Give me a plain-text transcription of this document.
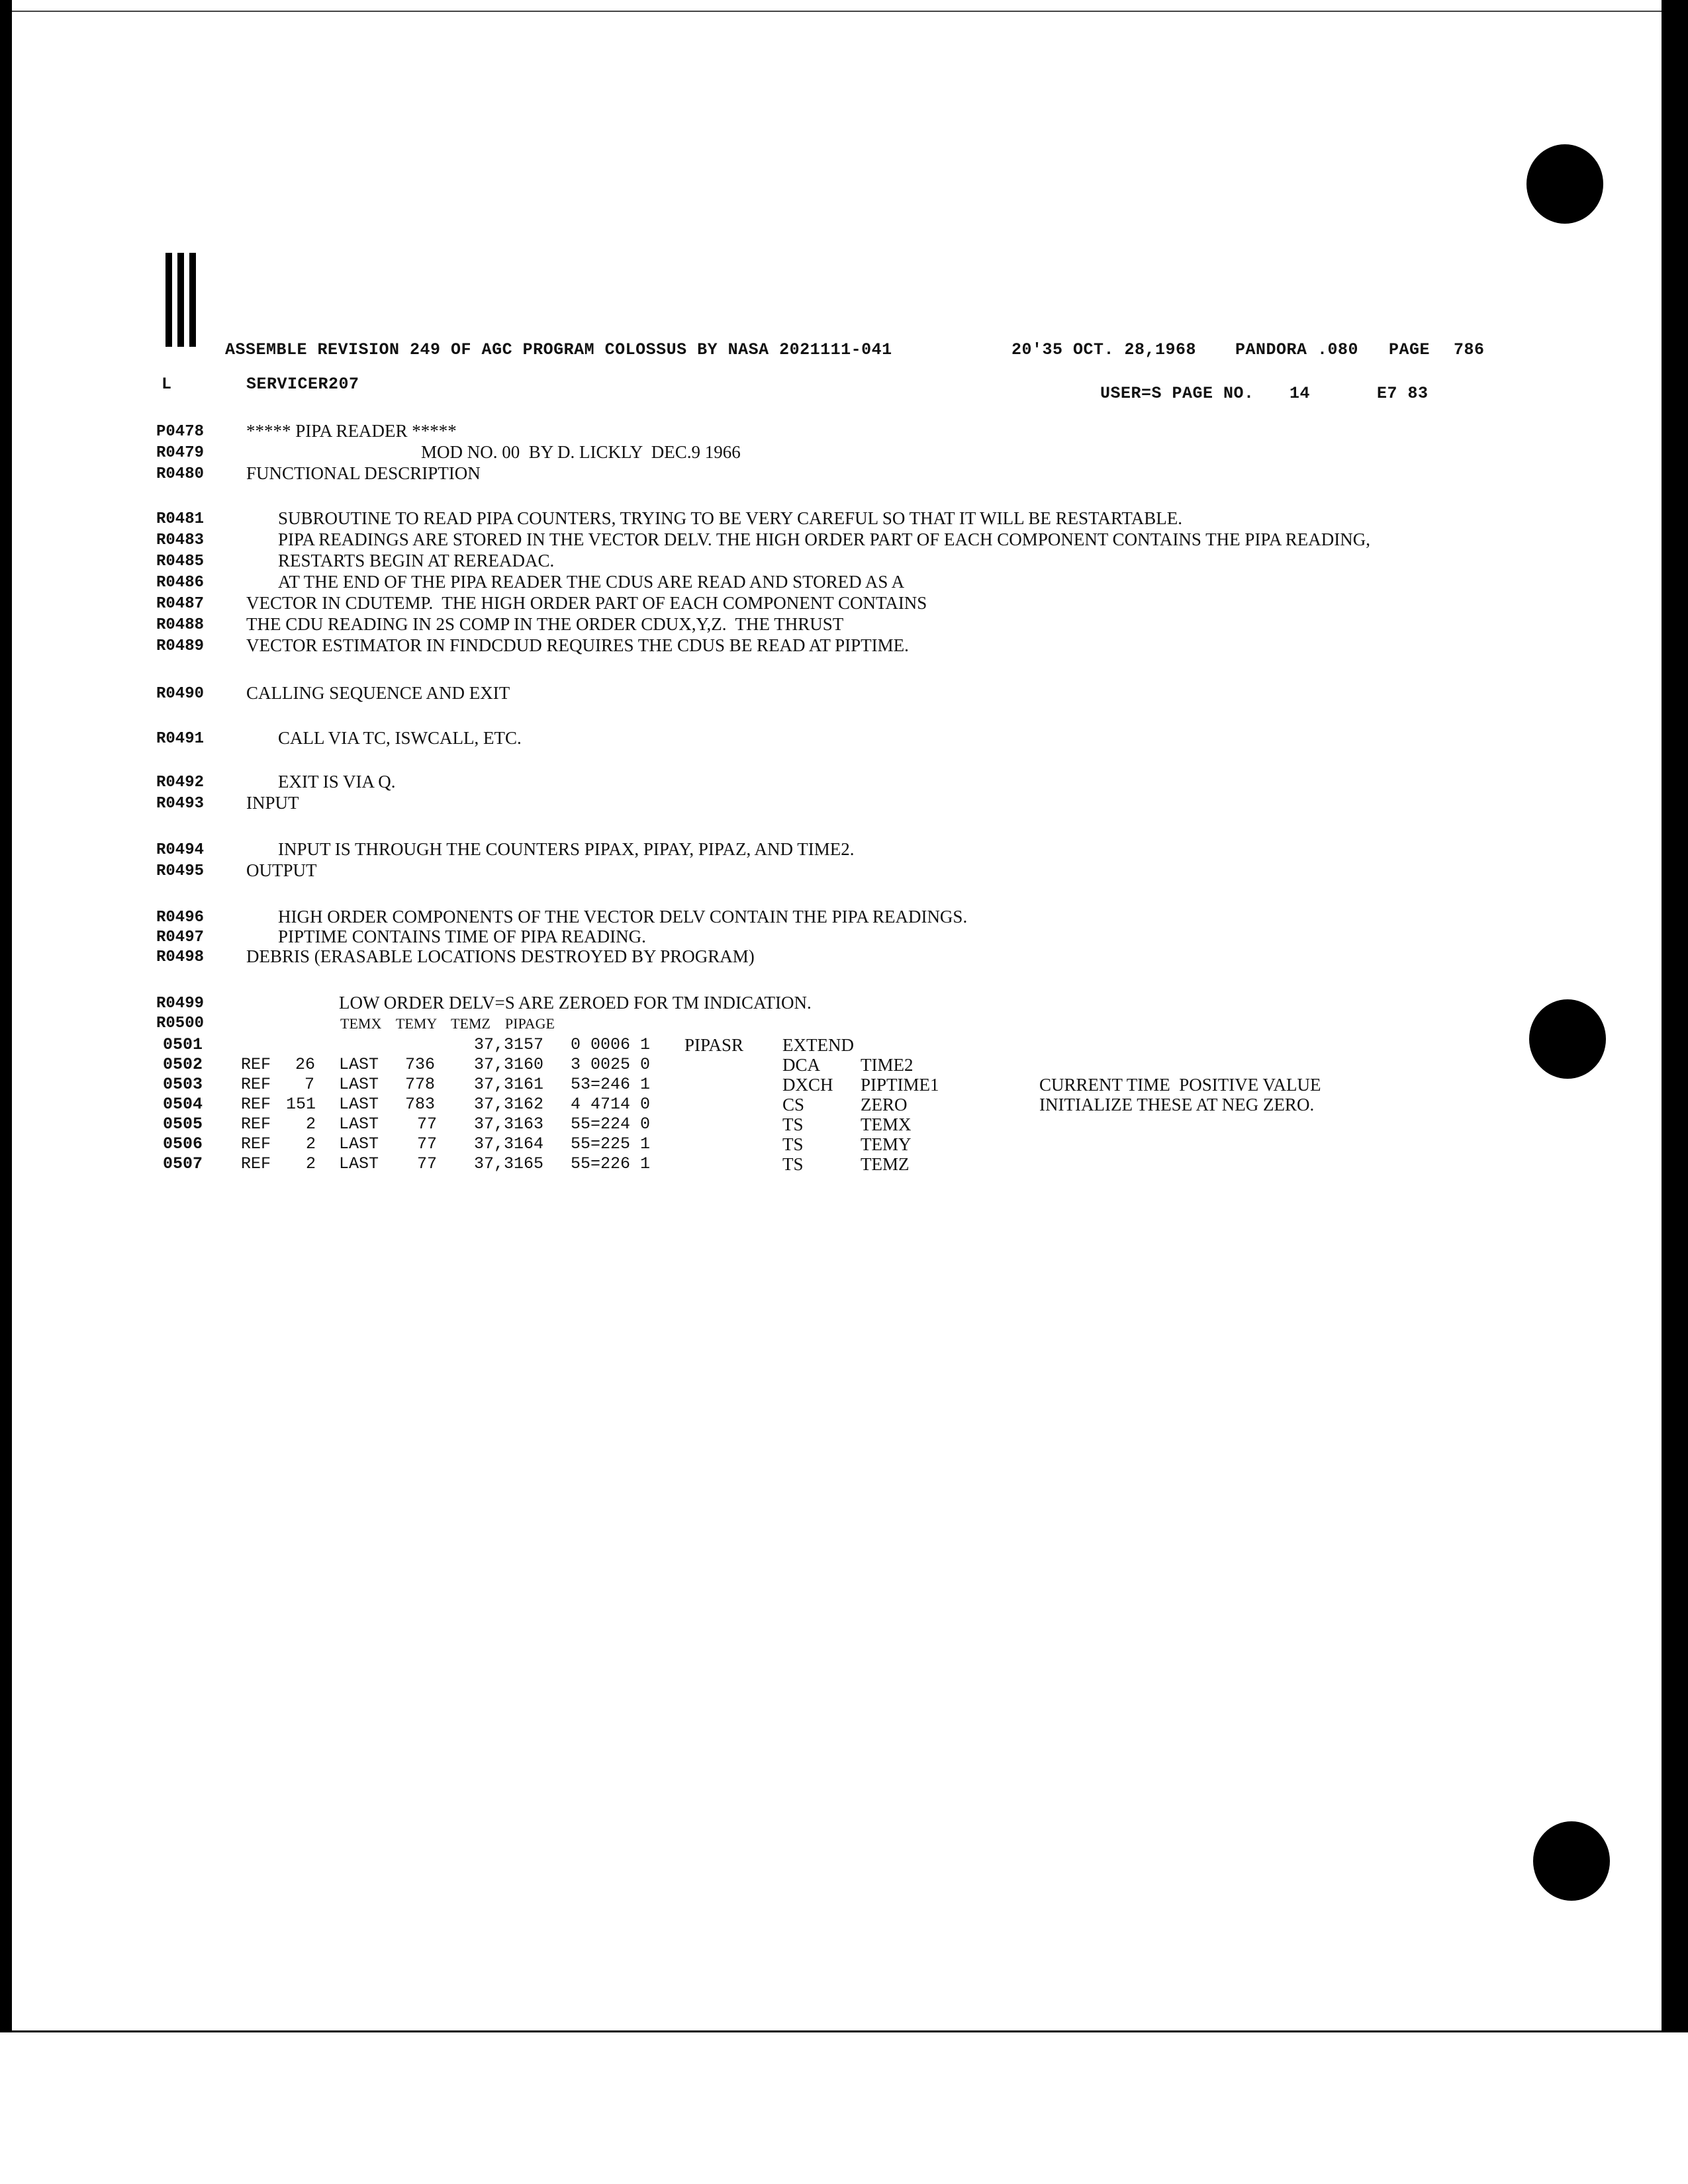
ASSEMBLE REVISION 249 OF AGC PROGRAM COLOSSUS BY NASA 2021111-041	20'35 OCT. 28,1968 PANDORA .080 PAGE 786
L	SERVICER207	USER=S PAGE NO. 14	E7 83
P0478 ***** PIPA READER *****
R0479	MOD NO. 00  BY D. LICKLY  DEC.9 1966
R0480 FUNCTIONAL DESCRIPTION
R0481	SUBROUTINE TO READ PIPA COUNTERS, TRYING TO BE VERY CAREFUL SO THAT IT WILL BE RESTARTABLE.
R0483	PIPA READINGS ARE STORED IN THE VECTOR DELV. THE HIGH ORDER PART OF EACH COMPONENT CONTAINS THE PIPA READING,
R0485	RESTARTS BEGIN AT REREADAC.
R0486	AT THE END OF THE PIPA READER THE CDUS ARE READ AND STORED AS A
R0487 VECTOR IN CDUTEMP.  THE HIGH ORDER PART OF EACH COMPONENT CONTAINS
R0488 THE CDU READING IN 2S COMP IN THE ORDER CDUX,Y,Z.  THE THRUST
R0489 VECTOR ESTIMATOR IN FINDCDUD REQUIRES THE CDUS BE READ AT PIPTIME.
R0490 CALLING SEQUENCE AND EXIT
R0491	CALL VIA TC, ISWCALL, ETC.
R0492	EXIT IS VIA Q.
R0493 INPUT
R0494	INPUT IS THROUGH THE COUNTERS PIPAX, PIPAY, PIPAZ, AND TIME2.
R0495 OUTPUT
R0496	HIGH ORDER COMPONENTS OF THE VECTOR DELV CONTAIN THE PIPA READINGS.
R0497	PIPTIME CONTAINS TIME OF PIPA READING.
R0498 DEBRIS (ERASABLE LOCATIONS DESTROYED BY PROGRAM)
R0499	LOW ORDER DELV=S ARE ZEROED FOR TM INDICATION.
R0500	TEMX    TEMY    TEMZ    PIPAGE
0501	37,3157 0 0006 1 PIPASR EXTEND
0502 REF 26 LAST 736 37,3160 3 0025 0	DCA TIME2
0503 REF 7 LAST 778 37,3161 53=246 1	DXCH PIPTIME1	CURRENT TIME  POSITIVE VALUE
0504 REF 151 LAST 783 37,3162 4 4714 0	CS	ZERO	INITIALIZE THESE AT NEG ZERO.
0505 REF 2 LAST 77 37,3163 55=224 0	TS	TEMX
0506 REF 2 LAST 77 37,3164 55=225 1	TS	TEMY
0507 REF 2 LAST 77 37,3165 55=226 1	TS	TEMZ
